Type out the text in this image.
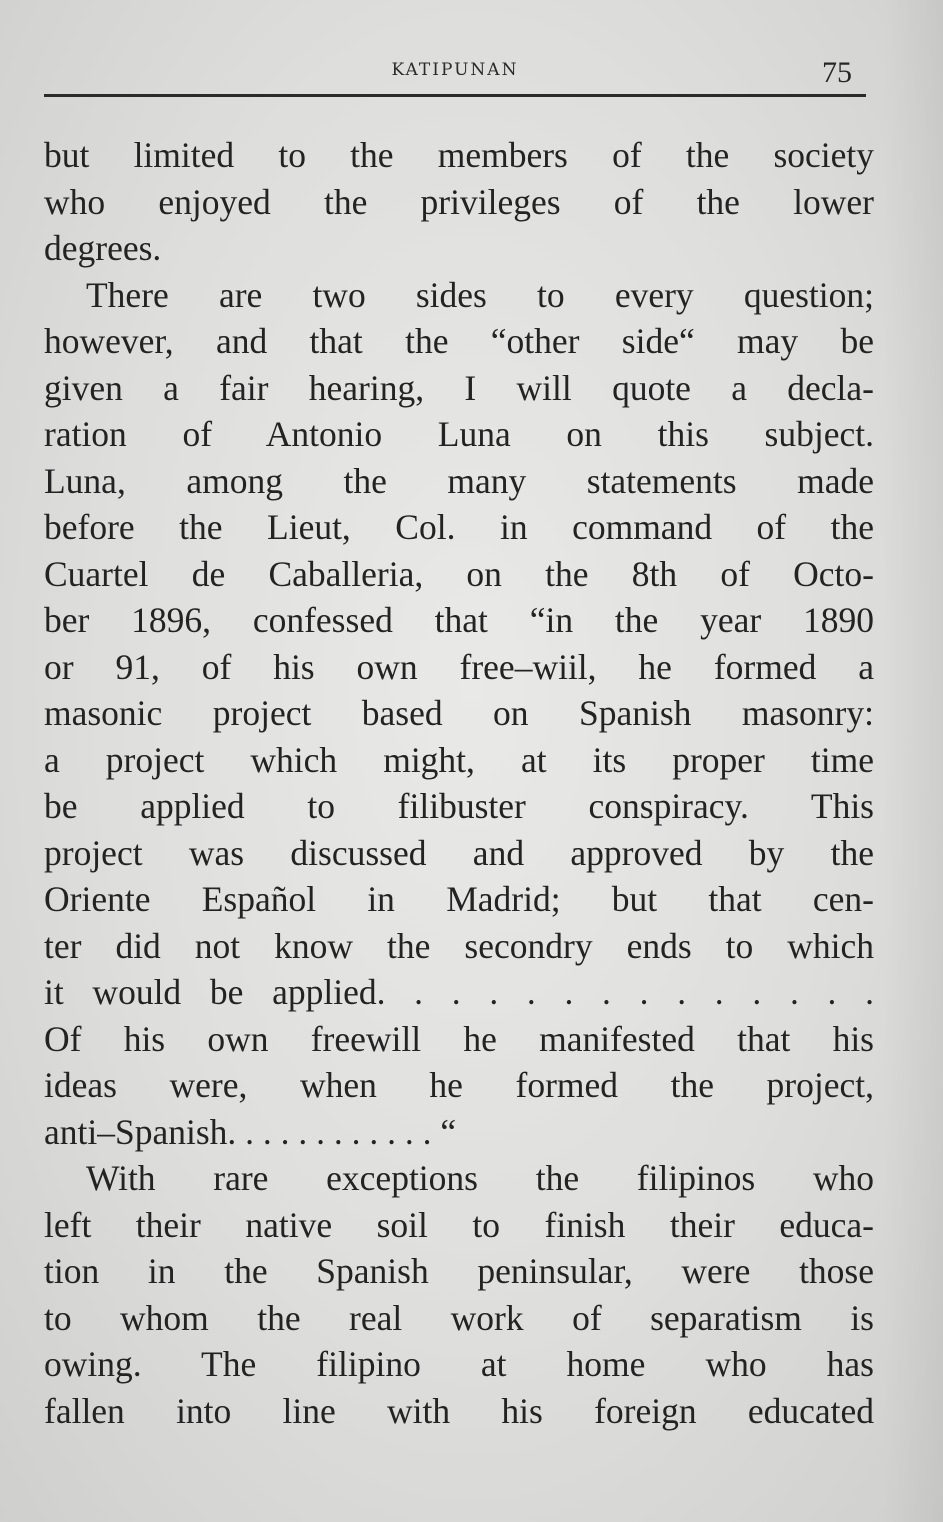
KATIPUNAN	75
but limited to the members of the society
who enjoyed the privileges of the lower
degrees.
There are two sides to every question;
however, and that the “other side“ may be
given a fair hearing, I will quote a decla-
ration of Antonio Luna on this subject.
Luna, among the many statements made
before the Lieut, Col. in command of the
Cuartel de Caballeria, on the 8th of Octo-
ber 1896, confessed that “in the year 1890
or 91, of his own free–wiil, he formed a
masonic project based on Spanish masonry:
a project which might, at its proper time
be applied to filibuster conspiracy. This
project was discussed and approved by the
Oriente Español in Madrid; but that cen-
ter did not know the secondry ends to which
it would be applied. . . . . . . . . . . . . .
Of his own freewill he manifested that his
ideas were, when he formed the project,
anti–Spanish. . . . . . . . . . . . “
With rare exceptions the filipinos who
left their native soil to finish their educa-
tion in the Spanish peninsular, were those
to whom the real work of separatism is
owing. The filipino at home who has
fallen into line with his foreign educated
